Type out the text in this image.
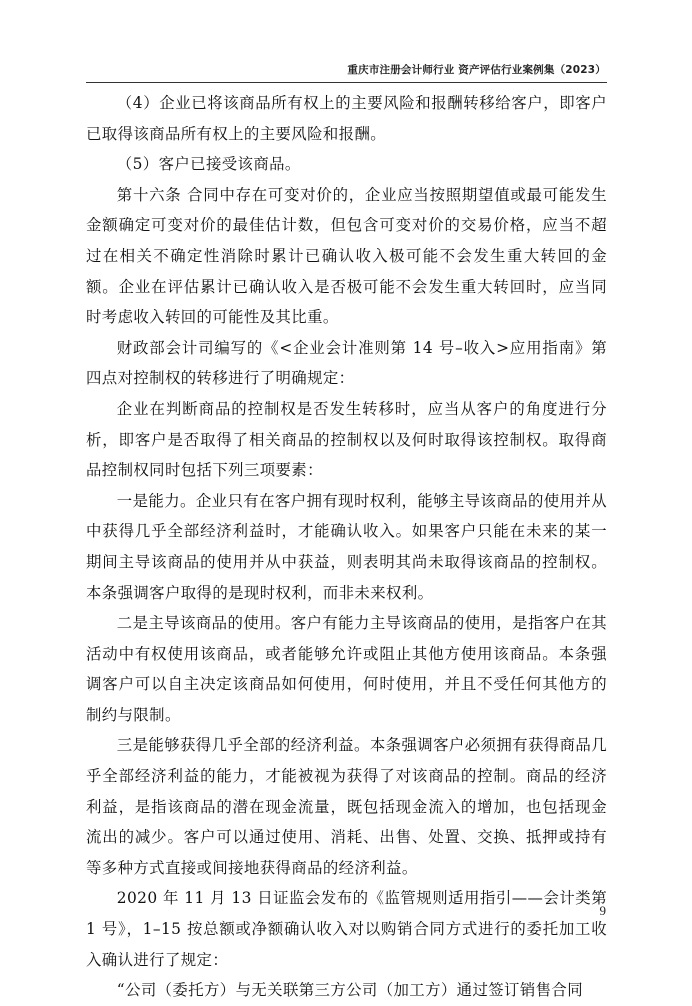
重庆市注册会计师行业 资产评估行业案例集（2023）

（4）企业已将该商品所有权上的主要风险和报酬转移给客户，即客户已取得该商品所有权上的主要风险和报酬。

（5）客户已接受该商品。

第十六条 合同中存在可变对价的，企业应当按照期望值或最可能发生金额确定可变对价的最佳估计数，但包含可变对价的交易价格，应当不超过在相关不确定性消除时累计已确认收入极可能不会发生重大转回的金额。企业在评估累计已确认收入是否极可能不会发生重大转回时，应当同时考虑收入转回的可能性及其比重。

财政部会计司编写的《<企业会计准则第 14 号–收入>应用指南》第四点对控制权的转移进行了明确规定：

企业在判断商品的控制权是否发生转移时，应当从客户的角度进行分析，即客户是否取得了相关商品的控制权以及何时取得该控制权。取得商品控制权同时包括下列三项要素：

一是能力。企业只有在客户拥有现时权利，能够主导该商品的使用并从中获得几乎全部经济利益时，才能确认收入。如果客户只能在未来的某一期间主导该商品的使用并从中获益，则表明其尚未取得该商品的控制权。本条强调客户取得的是现时权利，而非未来权利。

二是主导该商品的使用。客户有能力主导该商品的使用，是指客户在其活动中有权使用该商品，或者能够允许或阻止其他方使用该商品。本条强调客户可以自主决定该商品如何使用，何时使用，并且不受任何其他方的制约与限制。

三是能够获得几乎全部的经济利益。本条强调客户必须拥有获得商品几乎全部经济利益的能力，才能被视为获得了对该商品的控制。商品的经济利益，是指该商品的潜在现金流量，既包括现金流入的增加，也包括现金流出的减少。客户可以通过使用、消耗、出售、处置、交换、抵押或持有等多种方式直接或间接地获得商品的经济利益。

2020 年 11 月 13 日证监会发布的《监管规则适用指引——会计类第 1 号》，1–15 按总额或净额确认收入对以购销合同方式进行的委托加工收入确认进行了规定：

“公司（委托方）与无关联第三方公司（加工方）通过签订销售合同

9
